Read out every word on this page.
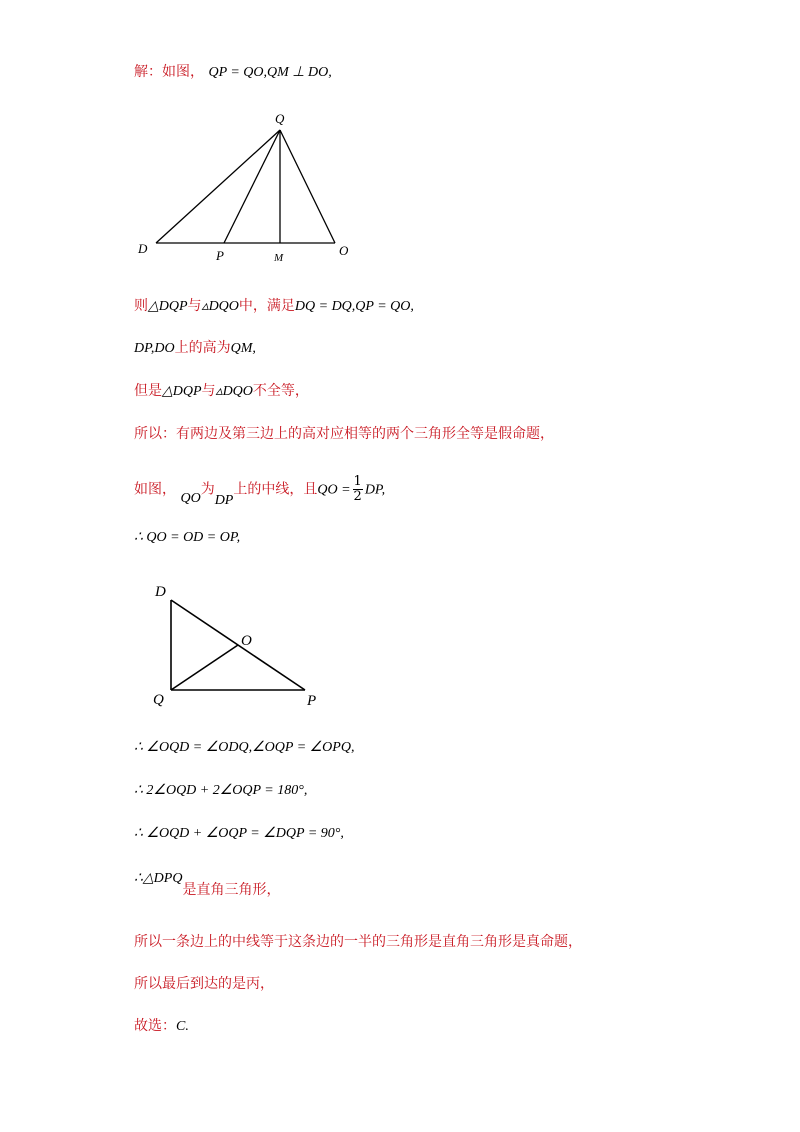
解：如图， QP = QO,QM ⊥ DO,
Q
D	P	M	O
则△DQP与▵DQO中，满足DQ = DQ,QP = QO,
DP,DO上的高为QM,
但是△DQP与▵DQO不全等，
所以：有两边及第三边上的高对应相等的两个三角形全等是假命题，
如图， QO为DP上的中线，且QO = $\frac{1}{2}$ DP,
∴ QO = OD = OP,
D
O
Q	P
∴ ∠OQD = ∠ODQ,∠OQP = ∠OPQ,
∴ 2∠OQD + 2∠OQP = 180°,
∴ ∠OQD + ∠OQP = ∠DQP = 90°,
∴△DPQ是直角三角形，
所以一条边上的中线等于这条边的一半的三角形是直角三角形是真命题，
所以最后到达的是丙，
故选：C.
